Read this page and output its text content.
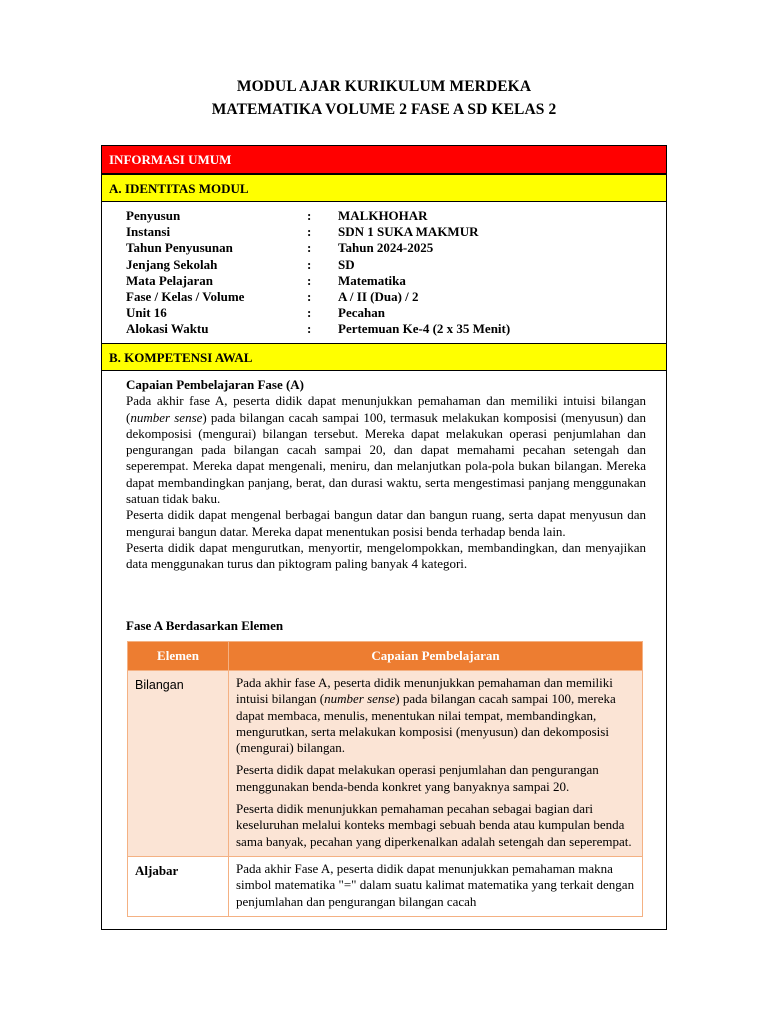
MODUL AJAR KURIKULUM MERDEKA
MATEMATIKA VOLUME 2 FASE A SD KELAS 2
INFORMASI UMUM
A. IDENTITAS MODUL
Penyusun	: MALKHOHAR
Instansi	: SDN 1 SUKA MAKMUR
Tahun Penyusunan	: Tahun 2024-2025
Jenjang Sekolah	: SD
Mata Pelajaran	: Matematika
Fase / Kelas / Volume	: A / II (Dua) / 2
Unit 16	: Pecahan
Alokasi Waktu	: Pertemuan Ke-4 (2 x 35 Menit)
B. KOMPETENSI AWAL

Capaian Pembelajaran Fase (A)

Pada akhir fase A, peserta didik dapat menunjukkan pemahaman dan memiliki intuisi bilangan (number sense) pada bilangan cacah sampai 100, termasuk melakukan komposisi (menyusun) dan dekomposisi (mengurai) bilangan tersebut. Mereka dapat melakukan operasi penjumlahan dan pengurangan pada bilangan cacah sampai 20, dan dapat memahami pecahan setengah dan seperempat. Mereka dapat mengenali, meniru, dan melanjutkan pola-pola bukan bilangan. Mereka dapat membandingkan panjang, berat, dan durasi waktu, serta mengestimasi panjang menggunakan satuan tidak baku.

Peserta didik dapat mengenal berbagai bangun datar dan bangun ruang, serta dapat menyusun dan mengurai bangun datar. Mereka dapat menentukan posisi benda terhadap benda lain.

Peserta didik dapat mengurutkan, menyortir, mengelompokkan, membandingkan, dan menyajikan data menggunakan turus dan piktogram paling banyak 4 kategori.

Fase A Berdasarkan Elemen
Elemen	Capaian Pembelajaran
Bilangan	Pada akhir fase A, peserta didik menunjukkan pemahaman dan memiliki intuisi bilangan (number sense) pada bilangan cacah sampai 100, mereka dapat membaca, menulis, menentukan nilai tempat, membandingkan, mengurutkan, serta melakukan komposisi (menyusun) dan dekomposisi (mengurai) bilangan.

Peserta didik dapat melakukan operasi penjumlahan dan pengurangan menggunakan benda-benda konkret yang banyaknya sampai 20.

Peserta didik menunjukkan pemahaman pecahan sebagai bagian dari keseluruhan melalui konteks membagi sebuah benda atau kumpulan benda sama banyak, pecahan yang diperkenalkan adalah setengah dan seperempat.

Aljabar	Pada akhir Fase A, peserta didik dapat menunjukkan pemahaman makna simbol matematika "=" dalam suatu kalimat matematika yang terkait dengan penjumlahan dan pengurangan bilangan cacah
